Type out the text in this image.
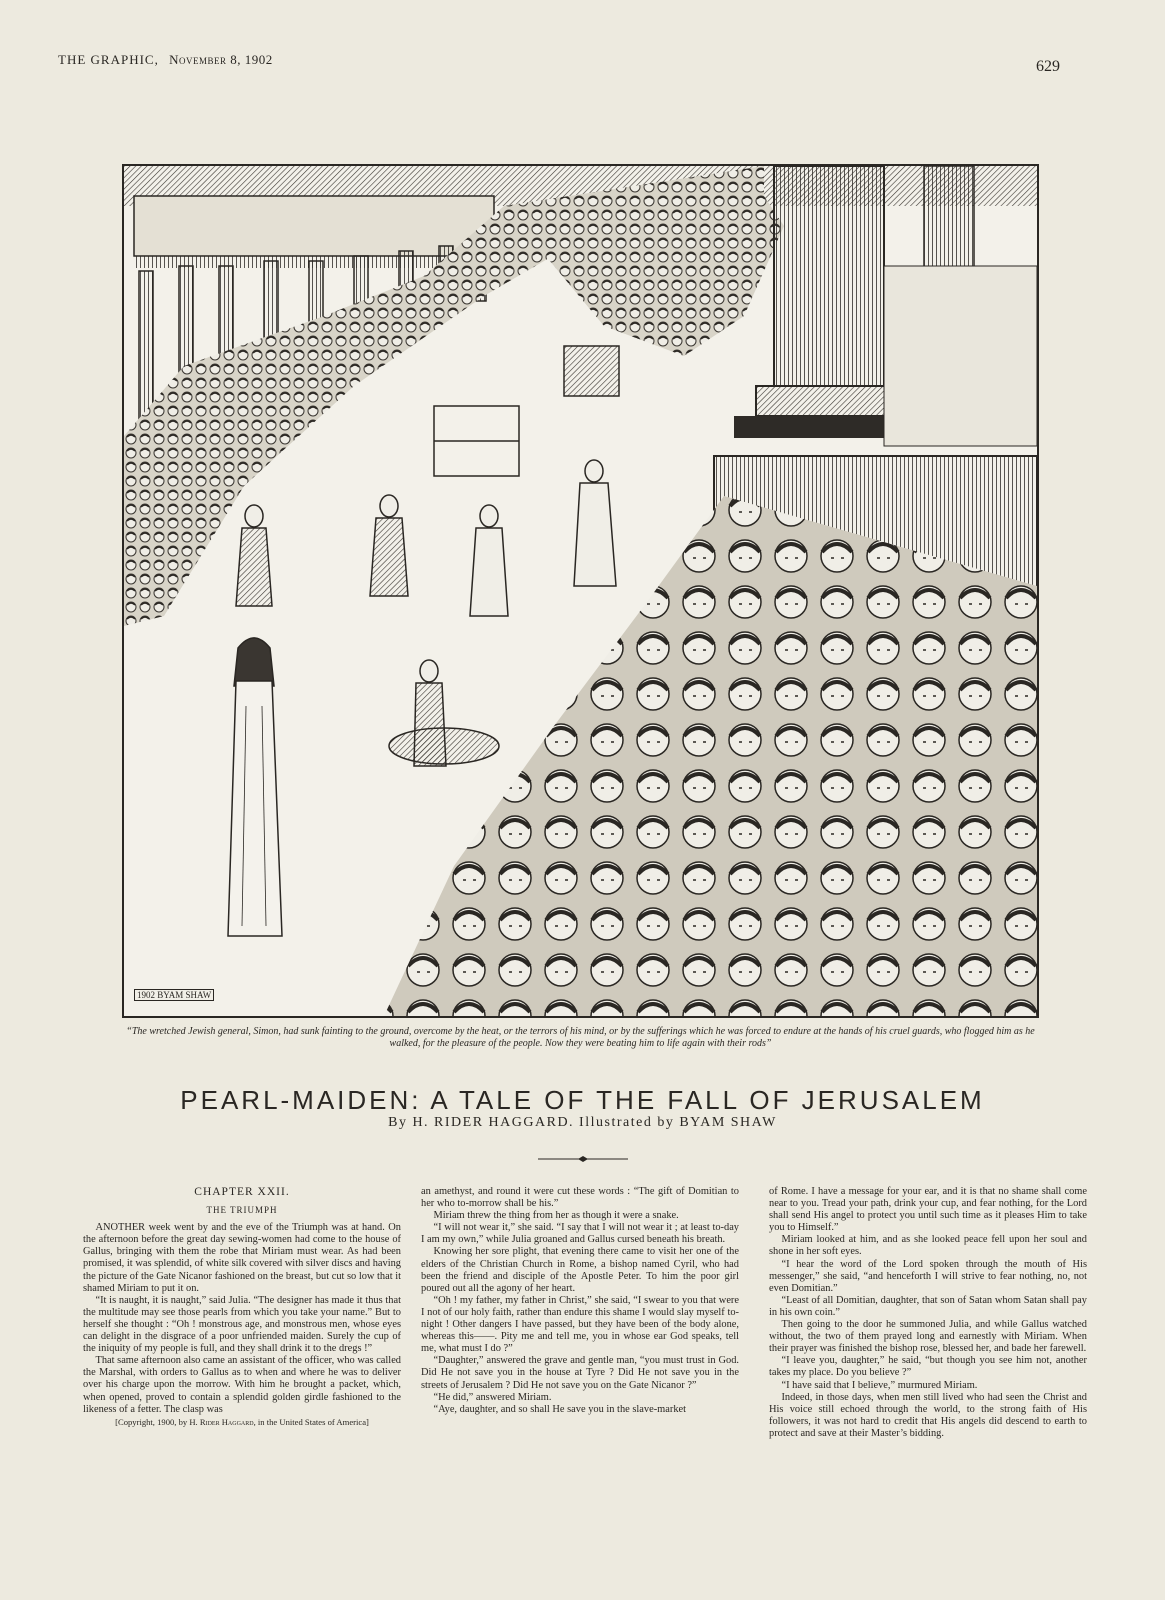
THE GRAPHIC, November 8, 1902	629
1902 BYAM SHAW
“The wretched Jewish general, Simon, had sunk fainting to the ground, overcome by the heat, or the terrors of his mind, or by the sufferings which he was forced to endure at the hands of his cruel guards, who flogged him as he walked, for the pleasure of the people. Now they were beating him to life again with their rods”
PEARL-MAIDEN: A TALE OF THE FALL OF JERUSALEM
By H. RIDER HAGGARD. Illustrated by BYAM SHAW
CHAPTER XXII.
THE TRIUMPH

ANOTHER week went by and the eve of the Triumph was at hand. On the afternoon before the great day sewing-women had come to the house of Gallus, bringing with them the robe that Miriam must wear. As had been promised, it was splendid, of white silk covered with silver discs and having the picture of the Gate Nicanor fashioned on the breast, but cut so low that it shamed Miriam to put it on.

“It is naught, it is naught,” said Julia. “The designer has made it thus that the multitude may see those pearls from which you take your name.” But to herself she thought : “Oh ! monstrous age, and monstrous men, whose eyes can delight in the disgrace of a poor unfriended maiden. Surely the cup of the iniquity of my people is full, and they shall drink it to the dregs !”

That same afternoon also came an assistant of the officer, who was called the Marshal, with orders to Gallus as to when and where he was to deliver over his charge upon the morrow. With him he brought a packet, which, when opened, proved to contain a splendid golden girdle fashioned to the likeness of a fetter. The clasp was

[Copyright, 1900, by H. Rider Haggard, in the United States of America]

an amethyst, and round it were cut these words : “The gift of Domitian to her who to-morrow shall be his.”

Miriam threw the thing from her as though it were a snake.

“I will not wear it,” she said. “I say that I will not wear it ; at least to-day I am my own,” while Julia groaned and Gallus cursed beneath his breath.

Knowing her sore plight, that evening there came to visit her one of the elders of the Christian Church in Rome, a bishop named Cyril, who had been the friend and disciple of the Apostle Peter. To him the poor girl poured out all the agony of her heart.

“Oh ! my father, my father in Christ,” she said, “I swear to you that were I not of our holy faith, rather than endure this shame I would slay myself to-night ! Other dangers I have passed, but they have been of the body alone, whereas this——. Pity me and tell me, you in whose ear God speaks, tell me, what must I do ?”

“Daughter,” answered the grave and gentle man, “you must trust in God. Did He not save you in the house at Tyre ? Did He not save you in the streets of Jerusalem ? Did He not save you on the Gate Nicanor ?”

“He did,” answered Miriam.

“Aye, daughter, and so shall He save you in the slave-market

of Rome. I have a message for your ear, and it is that no shame shall come near to you. Tread your path, drink your cup, and fear nothing, for the Lord shall send His angel to protect you until such time as it pleases Him to take you to Himself.”

Miriam looked at him, and as she looked peace fell upon her soul and shone in her soft eyes.

“I hear the word of the Lord spoken through the mouth of His messenger,” she said, “and henceforth I will strive to fear nothing, no, not even Domitian.”

“Least of all Domitian, daughter, that son of Satan whom Satan shall pay in his own coin.”

Then going to the door he summoned Julia, and while Gallus watched without, the two of them prayed long and earnestly with Miriam. When their prayer was finished the bishop rose, blessed her, and bade her farewell.

“I leave you, daughter,” he said, “but though you see him not, another takes my place. Do you believe ?”

“I have said that I believe,” murmured Miriam.

Indeed, in those days, when men still lived who had seen the Christ and His voice still echoed through the world, to the strong faith of His followers, it was not hard to credit that His angels did descend to earth to protect and save at their Master’s bidding.
